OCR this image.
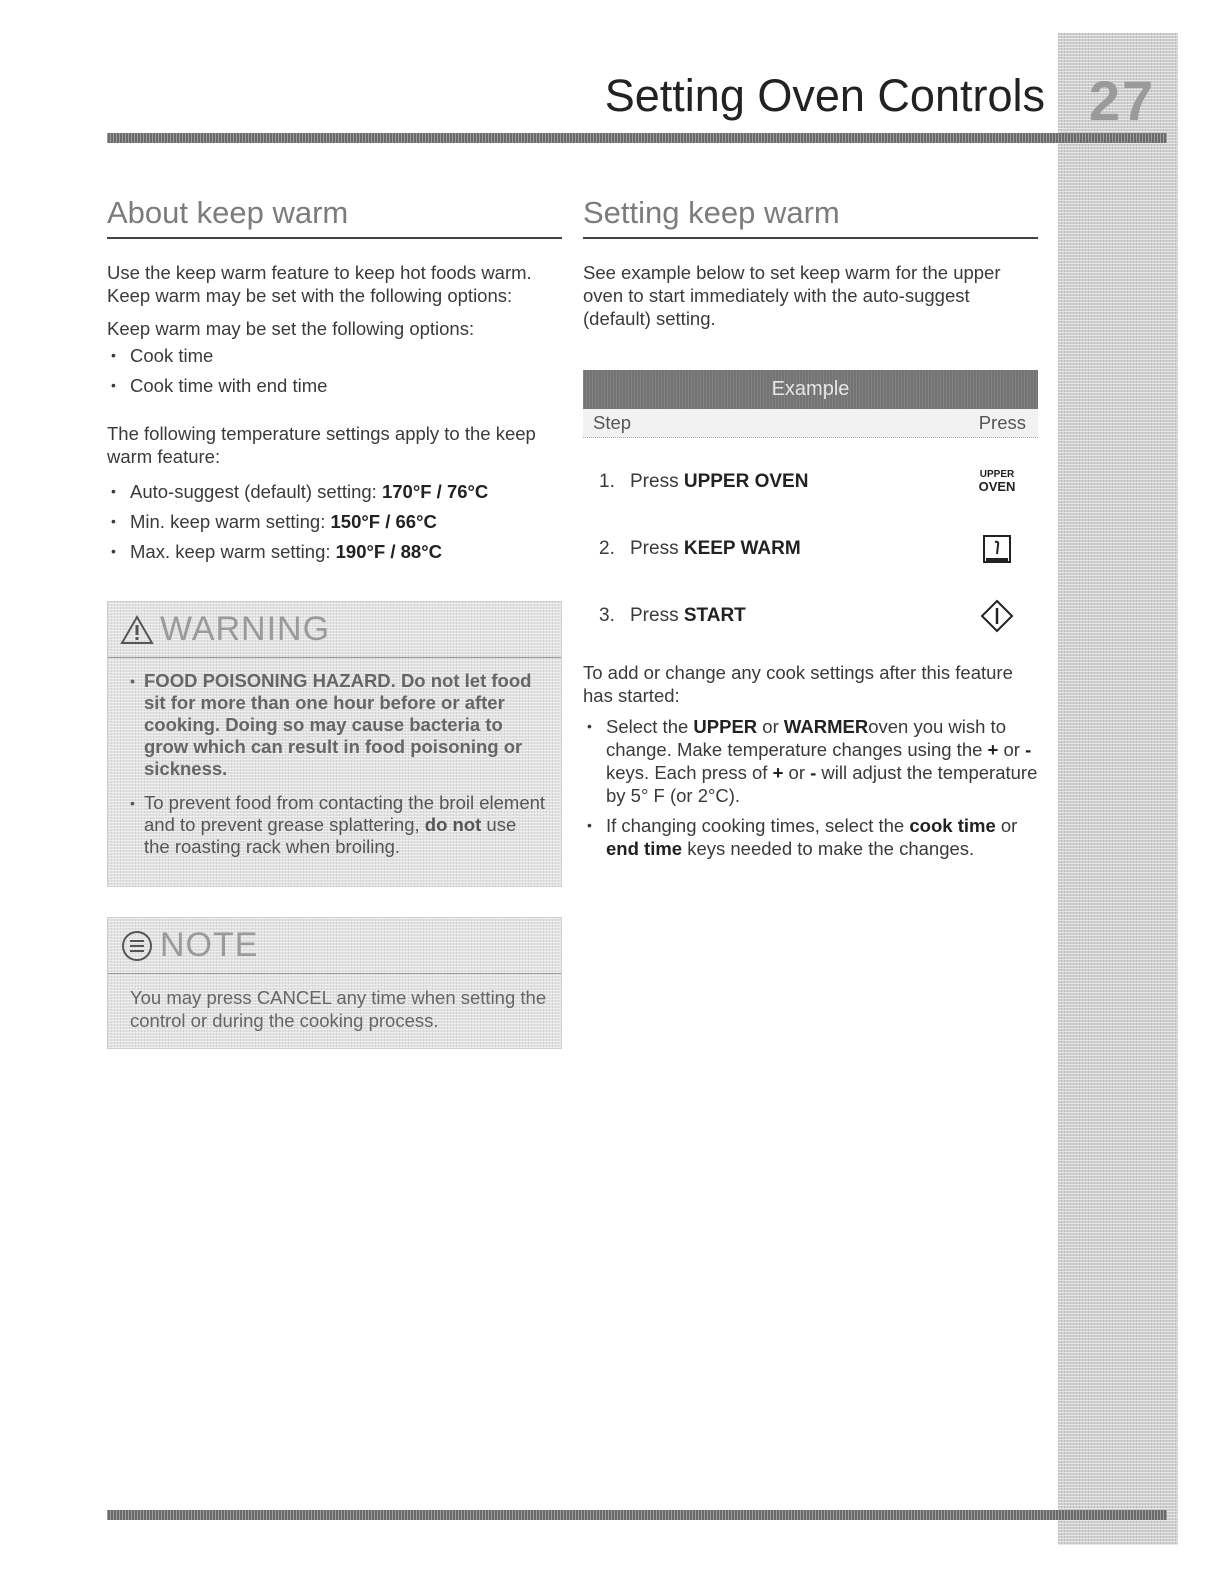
27
Setting Oven Controls
About keep warm

Use the keep warm feature to keep hot foods warm. Keep warm may be set with the following options:

Keep warm may be set the following options:

• Cook time
• Cook time with end time

The following temperature settings apply to the keep warm feature:

• Auto-suggest (default) setting: 170°F / 76°C
• Min. keep warm setting: 150°F / 66°C
• Max. keep warm setting: 190°F / 88°C
WARNING
• FOOD POISONING HAZARD. Do not let food sit for more than one hour before or after cooking. Doing so may cause bacteria to grow which can result in food poisoning or sickness.
• To prevent food from contacting the broil element and to prevent grease splattering, do not use the roasting rack when broiling.
NOTE

You may press CANCEL any time when setting the control or during the cooking process.

Setting keep warm

See example below to set keep warm for the upper oven to start immediately with the auto-suggest (default) setting.

Example
Step	Press
1. Press UPPER OVEN	UPPER
OVEN
2. Press KEEP WARM
3. Press START

To add or change any cook settings after this feature has started:

• Select the UPPER or WARMERoven you wish to change. Make temperature changes using the + or - keys. Each press of + or - will adjust the temperature by 5° F (or 2°C).
• If changing cooking times, select the cook time or end time keys needed to make the changes.
